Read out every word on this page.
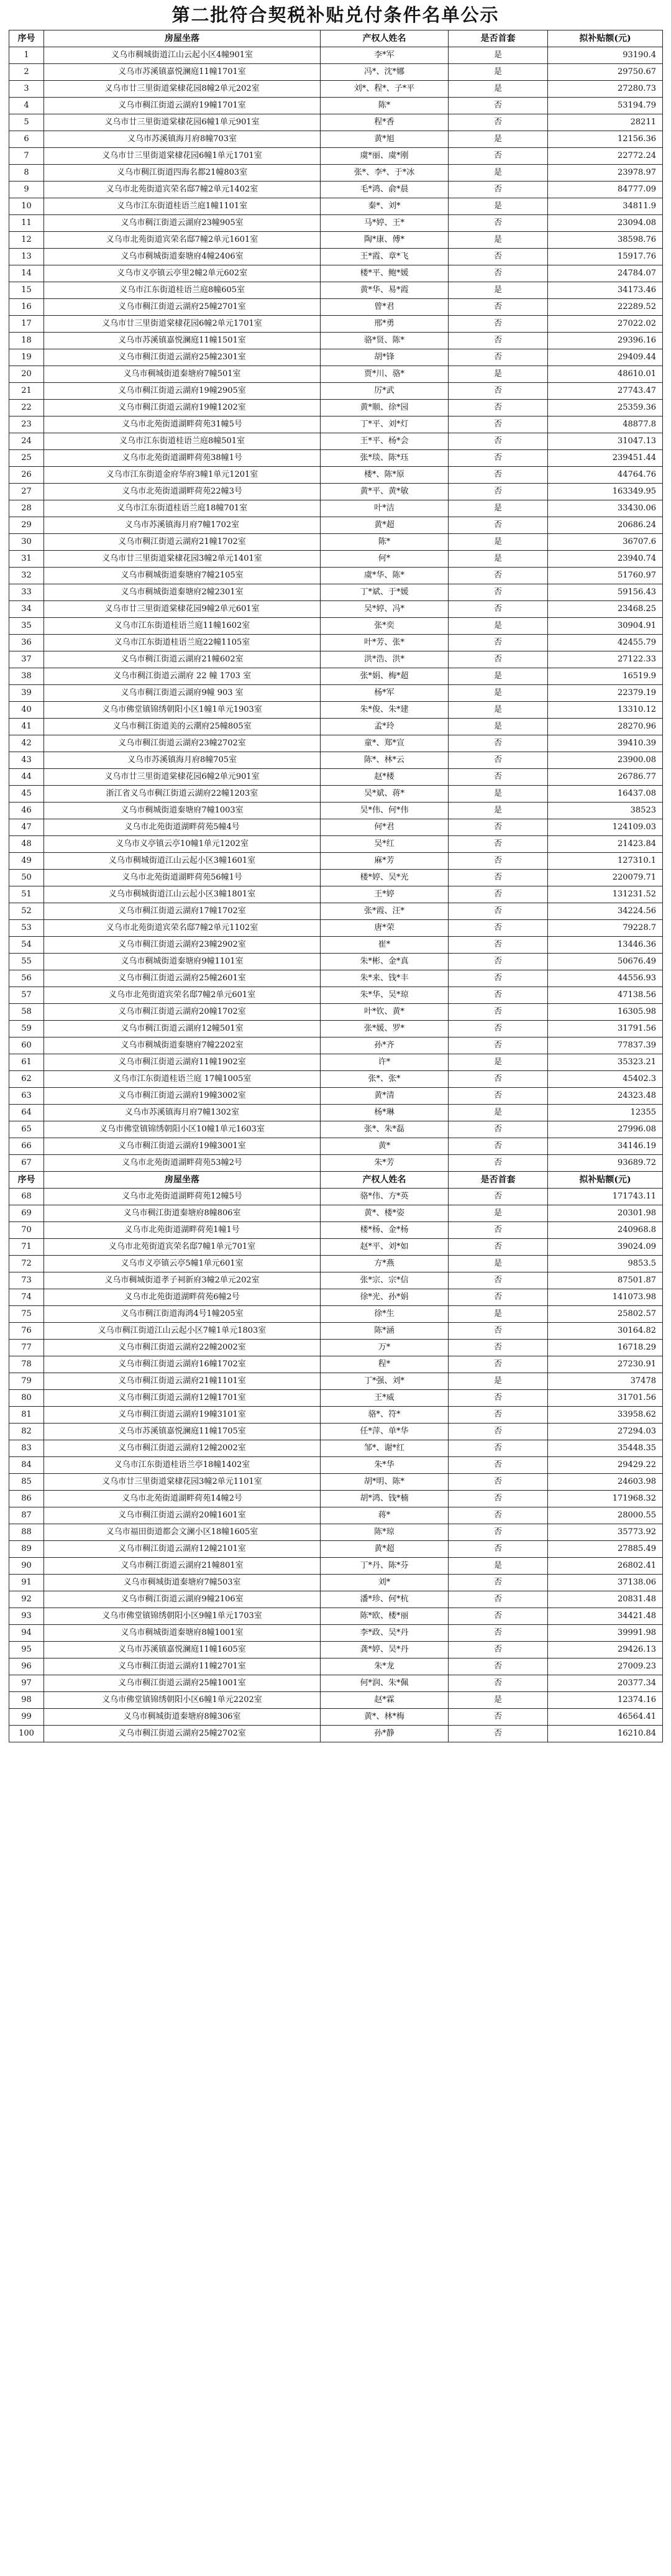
第二批符合契税补贴兑付条件名单公示
序号	房屋坐落	产权人姓名	是否首套	拟补贴额(元)
1	义乌市稠城街道江山云起小区4幢901室	李*军	是	93190.4
2	义乌市苏溪镇嘉悦澜庭11幢1701室	冯*、沈*娜	是	29750.67
3	义乌市廿三里街道棠棣花园8幢2单元202室	刘*、程*、子*平	是	27280.73
4	义乌市稠江街道云湖府19幢1701室	陈*	否	53194.79
5	义乌市廿三里街道棠棣花园6幢1单元901室	程*香	否	28211
6	义乌市苏溪镇海月府8幢703室	黄*旭	是	12156.36
7	义乌市廿三里街道棠棣花园6幢1单元1701室	虞*丽、虞*刚	否	22772.24
8	义乌市稠江街道四海名都21幢803室	张*、李*、于*冰	是	23978.97
9	义乌市北苑街道宾荣名邸7幢2单元1402室	毛*鸿、俞*晨	否	84777.09
10	义乌市江东街道桂语兰庭1幢1101室	秦*、刘*	是	34811.9
11	义乌市稠江街道云湖府23幢905室	马*婷、王*	否	23094.08
12	义乌市北苑街道宾荣名邸7幢2单元1601室	陶*康、傅*	是	38598.76
13	义乌市稠城街道秦塘府4幢2406室	王*霞、章*飞	否	15917.76
14	义乌市义亭镇云亭里2幢2单元602室	楼*平、鲍*媛	否	24784.07
15	义乌市江东街道桂语兰庭8幢605室	黄*华、易*霞	是	34173.46
16	义乌市稠江街道云湖府25幢2701室	曾*君	否	22289.52
17	义乌市廿三里街道棠棣花园6幢2单元1701室	邢*勇	否	27022.02
18	义乌市苏溪镇嘉悦澜庭11幢1501室	骆*贤、陈*	否	29396.16
19	义乌市稠江街道云湖府25幢2301室	胡*锋	否	29409.44
20	义乌市稠城街道秦塘府7幢501室	贾*川、骆*	是	48610.01
21	义乌市稠江街道云湖府19幢2905室	厉*武	否	27743.47
22	义乌市稠江街道云湖府19幢1202室	黄*顺、徐*园	否	25359.36
23	义乌市北苑街道湖畔荷苑31幢5号	丁*平、刘*灯	否	48877.8
24	义乌市江东街道桂语兰庭8幢501室	王*平、杨*会	否	31047.13
25	义乌市北苑街道湖畔荷苑38幢1号	张*琰、陈*珏	否	239451.44
26	义乌市江东街道金府华府3幢1单元1201室	楼*、陈*原	否	44764.76
27	义乌市北苑街道湖畔荷苑22幢3号	黄*平、黄*敏	否	163349.95
28	义乌市江东街道桂语兰庭18幢701室	叶*洁	是	33430.06
29	义乌市苏溪镇海月府7幢1702室	黄*超	否	20686.24
30	义乌市稠江街道云湖府21幢1702室	陈*	是	36707.6
31	义乌市廿三里街道棠棣花园3幢2单元1401室	何*	是	23940.74
32	义乌市稠城街道秦塘府7幢2105室	虞*华、陈*	否	51760.97
33	义乌市稠城街道秦塘府2幢2301室	丁*斌、于*媛	否	59156.43
34	义乌市廿三里街道棠棣花园9幢2单元601室	吴*婷、冯*	否	23468.25
35	义乌市江东街道桂语兰庭11幢1602室	张*奕	是	30904.91
36	义乌市江东街道桂语兰庭22幢1105室	叶*芳、张*	否	42455.79
37	义乌市稠江街道云湖府21幢602室	洪*浩、洪*	否	27122.33
38	义乌市稠江街道云湖府 22 幢 1703 室	张*娟、梅*超	是	16519.9
39	义乌市稠江街道云湖府9幢 903 室	杨*军	是	22379.19
40	义乌市佛堂镇锦绣朝阳小区1幢1单元1903室	朱*俊、朱*建	是	13310.12
41	义乌市稠江街道美的云潮府25幢805室	孟*玲	是	28270.96
42	义乌市稠江街道云湖府23幢2702室	童*、郑*宣	否	39410.39
43	义乌市苏溪镇海月府8幢705室	陈*、林*云	否	23900.08
44	义乌市廿三里街道棠棣花园6幢2单元901室	赵*楼	否	26786.77
45	浙江省义乌市稠江街道云湖府22幢1203室	吴*斌、蒋*	是	16437.08
46	义乌市稠城街道秦塘府7幢1003室	吴*伟、何*伟	是	38523
47	义乌市北苑街道湖畔荷苑5幢4号	何*君	否	124109.03
48	义乌市义亭镇云亭10幢1单元1202室	吴*红	否	21423.84
49	义乌市稠城街道江山云起小区3幢1601室	麻*芳	否	127310.1
50	义乌市北苑街道湖畔荷苑56幢1号	楼*婷、吴*光	否	220079.71
51	义乌市稠城街道江山云起小区3幢1801室	王*婷	否	131231.52
52	义乌市稠江街道云湖府17幢1702室	张*霞、汪*	否	34224.56
53	义乌市北苑街道宾荣名邸7幢2单元1102室	唐*荣	否	79228.7
54	义乌市稠江街道云湖府23幢2902室	崔*	否	13446.36
55	义乌市稠城街道秦塘府9幢1101室	朱*彬、金*真	否	50676.49
56	义乌市稠江街道云湖府25幢2601室	朱*来、钱*丰	否	44556.93
57	义乌市北苑街道宾荣名邸7幢2单元601室	朱*华、吴*琼	否	47138.56
58	义乌市稠江街道云湖府20幢1702室	叶*钦、黄*	否	16305.98
59	义乌市稠江街道云湖府12幢501室	张*媛、罗*	否	31791.56
60	义乌市稠城街道秦塘府7幢2202室	孙*齐	否	77837.39
61	义乌市稠江街道云湖府11幢1902室	许*	是	35323.21
62	义乌市江东街道桂语兰庭 17幢1005室	张*、张*	否	45402.3
63	义乌市稠江街道云湖府19幢3002室	黄*清	否	24323.48
64	义乌市苏溪镇海月府7幢1302室	杨*琳	是	12355
65	义乌市佛堂镇锦绣朝阳小区10幢1单元1603室	张*、朱*磊	否	27996.08
66	义乌市稠江街道云湖府19幢3001室	黄*	否	34146.19
67	义乌市北苑街道湖畔荷苑53幢2号	朱*芳	否	93689.72
序号	房屋坐落	产权人姓名	是否首套	拟补贴额(元)
68	义乌市北苑街道湖畔荷苑12幢5号	骆*伟、方*英	否	171743.11
69	义乌市稠江街道秦塘府8幢806室	黄*、楼*姿	是	20301.98
70	义乌市北苑街道湖畔荷苑1幢1号	楼*杨、金*杨	否	240968.8
71	义乌市北苑街道宾荣名邸7幢1单元701室	赵*平、刘*如	否	39024.09
72	义乌市义亭镇云亭5幢1单元601室	方*燕	是	9853.5
73	义乌市稠城街道孝子祠新府3幢2单元202室	张*宗、宗*信	否	87501.87
74	义乌市北苑街道湖畔荷苑6幢2号	徐*光、孙*娟	否	141073.98
75	义乌市稠江街道海鸿4号1幢205室	徐*生	是	25802.57
76	义乌市稠江街道江山云起小区7幢1单元1803室	陈*涵	否	30164.82
77	义乌市稠江街道云湖府22幢2002室	万*	否	16718.29
78	义乌市稠江街道云湖府16幢1702室	程*	否	27230.91
79	义乌市稠江街道云湖府21幢1101室	丁*强、刘*	是	37478
80	义乌市稠江街道云湖府12幢1701室	王*威	否	31701.56
81	义乌市稠江街道云湖府19幢3101室	骆*、符*	否	33958.62
82	义乌市苏溪镇嘉悦澜庭11幢1705室	任*萍、单*华	否	27294.03
83	义乌市稠江街道云湖府12幢2002室	邹*、谢*红	否	35448.35
84	义乌市江东街道桂语兰亭18幢1402室	朱*华	否	29429.22
85	义乌市廿三里街道棠棣花园3幢2单元1101室	胡*明、陈*	否	24603.98
86	义乌市北苑街道湖畔荷苑14幢2号	胡*鸿、钱*楠	否	171968.32
87	义乌市稠江街道云湖府20幢1601室	蒋*	否	28000.55
88	义乌市福田街道都会文澜小区18幢1605室	陈*琼	否	35773.92
89	义乌市稠江街道云湖府12幢2101室	黄*超	否	27885.49
90	义乌市稠江街道云湖府21幢801室	丁*丹、陈*芬	是	26802.41
91	义乌市稠城街道秦塘府7幢503室	刘*	否	37138.06
92	义乌市稠江街道云湖府9幢2106室	潘*珍、何*杭	否	20831.48
93	义乌市佛堂镇锦绣朝阳小区9幢1单元1703室	陈*欧、楼*丽	否	34421.48
94	义乌市稠城街道秦塘府8幢1001室	李*政、吴*丹	否	39991.98
95	义乌市苏溪镇嘉悦澜庭11幢1605室	龚*婷、吴*丹	否	29426.13
96	义乌市稠江街道云湖府11幢2701室	朱*龙	否	27009.23
97	义乌市稠江街道云湖府25幢1001室	何*润、朱*佩	否	20377.34
98	义乌市佛堂镇锦绣朝阳小区6幢1单元2202室	赵*霖	是	12374.16
99	义乌市稠城街道秦塘府8幢306室	黄*、林*梅	否	46564.41
100	义乌市稠江街道云湖府25幢2702室	孙*静	否	16210.84
